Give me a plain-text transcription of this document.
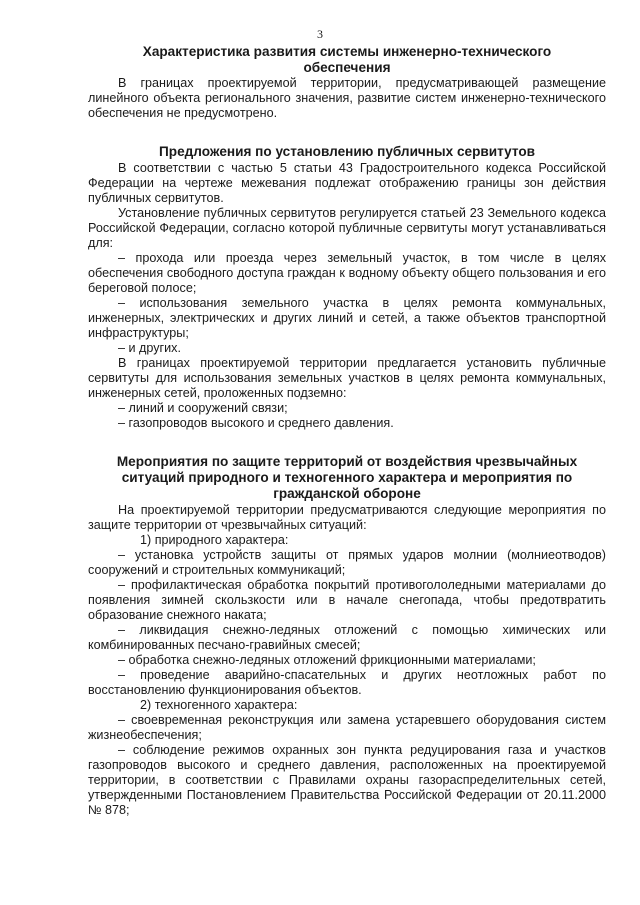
3
Характеристика развития системы инженерно-технического обеспечения

В границах проектируемой территории, предусматривающей размещение линейного объекта регионального значения, развитие систем инженерно-технического обеспечения не предусмотрено.

Предложения по установлению публичных сервитутов

В соответствии с частью 5 статьи 43 Градостроительного кодекса Российской Федерации на чертеже межевания подлежат отображению границы зон действия публичных сервитутов.

Установление публичных сервитутов регулируется статьей 23 Земельного кодекса Российской Федерации, согласно которой публичные сервитуты могут устанавливаться для:

– прохода или проезда через земельный участок, в том числе в целях обеспечения свободного доступа граждан к водному объекту общего пользования и его береговой полосе;

– использования земельного участка в целях ремонта коммунальных, инженерных, электрических и других линий и сетей, а также объектов транспортной инфраструктуры;

– и других.

В границах проектируемой территории предлагается установить публичные сервитуты для использования земельных участков в целях ремонта коммунальных, инженерных сетей, проложенных подземно:

– линий и сооружений связи;

– газопроводов высокого и среднего давления.

Мероприятия по защите территорий от воздействия чрезвычайных ситуаций природного и техногенного характера и мероприятия по гражданской обороне

На проектируемой территории предусматриваются следующие мероприятия по защите территории от чрезвычайных ситуаций:

1) природного характера:

– установка устройств защиты от прямых ударов молнии (молниеотводов) сооружений и строительных коммуникаций;

– профилактическая обработка покрытий противогололедными материалами до появления зимней скользкости или в начале снегопада, чтобы предотвратить образование снежного наката;

– ликвидация снежно-ледяных отложений с помощью химических или комбинированных песчано-гравийных смесей;

– обработка снежно-ледяных отложений фрикционными материалами;

– проведение аварийно-спасательных и других неотложных работ по восстановлению функционирования объектов.

2) техногенного характера:

– своевременная реконструкция или замена устаревшего оборудования систем жизнеобеспечения;

– соблюдение режимов охранных зон пункта редуцирования газа и участков газопроводов высокого и среднего давления, расположенных на проектируемой территории, в соответствии с Правилами охраны газораспределительных сетей, утвержденными Постановлением Правительства Российской Федерации от 20.11.2000 № 878;
